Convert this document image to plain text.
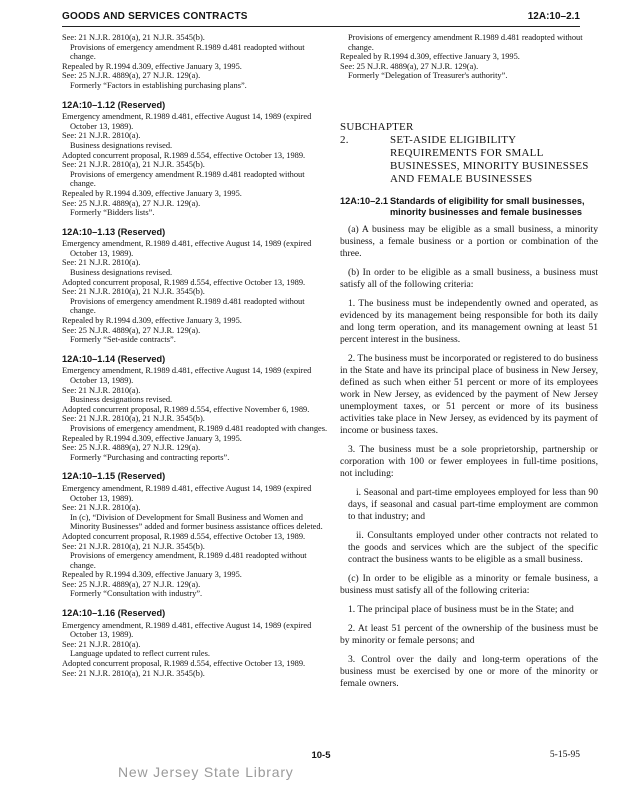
GOODS AND SERVICES CONTRACTS	12A:10–2.1

See: 21 N.J.R. 2810(a), 21 N.J.R. 3545(b).

Provisions of emergency amendment R.1989 d.481 readopted without change.

Repealed by R.1994 d.309, effective January 3, 1995.

See: 25 N.J.R. 4889(a), 27 N.J.R. 129(a).

Formerly “Factors in establishing purchasing plans”.

12A:10–1.12 (Reserved)

Emergency amendment, R.1989 d.481, effective August 14, 1989 (expired October 13, 1989).

See: 21 N.J.R. 2810(a).

Business designations revised.

Adopted concurrent proposal, R.1989 d.554, effective October 13, 1989.

See: 21 N.J.R. 2810(a), 21 N.J.R. 3545(b).

Provisions of emergency amendment R.1989 d.481 readopted without change.

Repealed by R.1994 d.309, effective January 3, 1995.

See: 25 N.J.R. 4889(a), 27 N.J.R. 129(a).

Formerly “Bidders lists”.

12A:10–1.13 (Reserved)

Emergency amendment, R.1989 d.481, effective August 14, 1989 (expired October 13, 1989).

See: 21 N.J.R. 2810(a).

Business designations revised.

Adopted concurrent proposal, R.1989 d.554, effective October 13, 1989.

See: 21 N.J.R. 2810(a), 21 N.J.R. 3545(b).

Provisions of emergency amendment R.1989 d.481 readopted without change.

Repealed by R.1994 d.309, effective January 3, 1995.

See: 25 N.J.R. 4889(a), 27 N.J.R. 129(a).

Formerly “Set-aside contracts”.

12A:10–1.14 (Reserved)

Emergency amendment, R.1989 d.481, effective August 14, 1989 (expired October 13, 1989).

See: 21 N.J.R. 2810(a).

Business designations revised.

Adopted concurrent proposal, R.1989 d.554, effective November 6, 1989.

See: 21 N.J.R. 2810(a), 21 N.J.R. 3545(b).

Provisions of emergency amendment, R.1989 d.481 readopted with changes.

Repealed by R.1994 d.309, effective January 3, 1995.

See: 25 N.J.R. 4889(a), 27 N.J.R. 129(a).

Formerly “Purchasing and contracting reports”.

12A:10–1.15 (Reserved)

Emergency amendment, R.1989 d.481, effective August 14, 1989 (expired October 13, 1989).

See: 21 N.J.R. 2810(a).

In (c), “Division of Development for Small Business and Women and Minority Businesses” added and former business assistance offices deleted.

Adopted concurrent proposal, R.1989 d.554, effective October 13, 1989.

See: 21 N.J.R. 2810(a), 21 N.J.R. 3545(b).

Provisions of emergency amendment, R.1989 d.481 readopted without change.

Repealed by R.1994 d.309, effective January 3, 1995.

See: 25 N.J.R. 4889(a), 27 N.J.R. 129(a).

Formerly “Consultation with industry”.

12A:10–1.16 (Reserved)

Emergency amendment, R.1989 d.481, effective August 14, 1989 (expired October 13, 1989).

See: 21 N.J.R. 2810(a).

Language updated to reflect current rules.

Adopted concurrent proposal, R.1989 d.554, effective October 13, 1989.

See: 21 N.J.R. 2810(a), 21 N.J.R. 3545(b).

Provisions of emergency amendment R.1989 d.481 readopted without change.

Repealed by R.1994 d.309, effective January 3, 1995.

See: 25 N.J.R. 4889(a), 27 N.J.R. 129(a).

Formerly “Delegation of Treasurer's authority”.

SUBCHAPTER 2.	SET-ASIDE ELIGIBILITY REQUIREMENTS FOR SMALL BUSINESSES, MINORITY BUSINESSES AND FEMALE BUSINESSES
12A:10–2.1 Standards of eligibility for small businesses, minority businesses and female businesses

(a) A business may be eligible as a small business, a minority business, a female business or a portion or combination of the three.

(b) In order to be eligible as a small business, a business must satisfy all of the following criteria:

1. The business must be independently owned and operated, as evidenced by its management being responsible for both its daily and long term operation, and its management owning at least 51 percent interest in the business.

2. The business must be incorporated or registered to do business in the State and have its principal place of business in New Jersey, defined as such when either 51 percent or more of its employees work in New Jersey, as evidenced by the payment of New Jersey unemployment taxes, or 51 percent or more of its business activities take place in New Jersey, as evidenced by its payment of income or business taxes.

3. The business must be a sole proprietorship, partnership or corporation with 100 or fewer employees in full-time positions, not including:

i. Seasonal and part-time employees employed for less than 90 days, if seasonal and casual part-time employment are common to that industry; and

ii. Consultants employed under other contracts not related to the goods and services which are the subject of the specific contract the business wants to be eligible as a small business.

(c) In order to be eligible as a minority or female business, a business must satisfy all of the following criteria:

1. The principal place of business must be in the State; and

2. At least 51 percent of the ownership of the business must be by minority or female persons; and

3. Control over the daily and long-term operations of the business must be exercised by one or more of the minority or female owners.

10-5	5-15-95
New Jersey State Library
